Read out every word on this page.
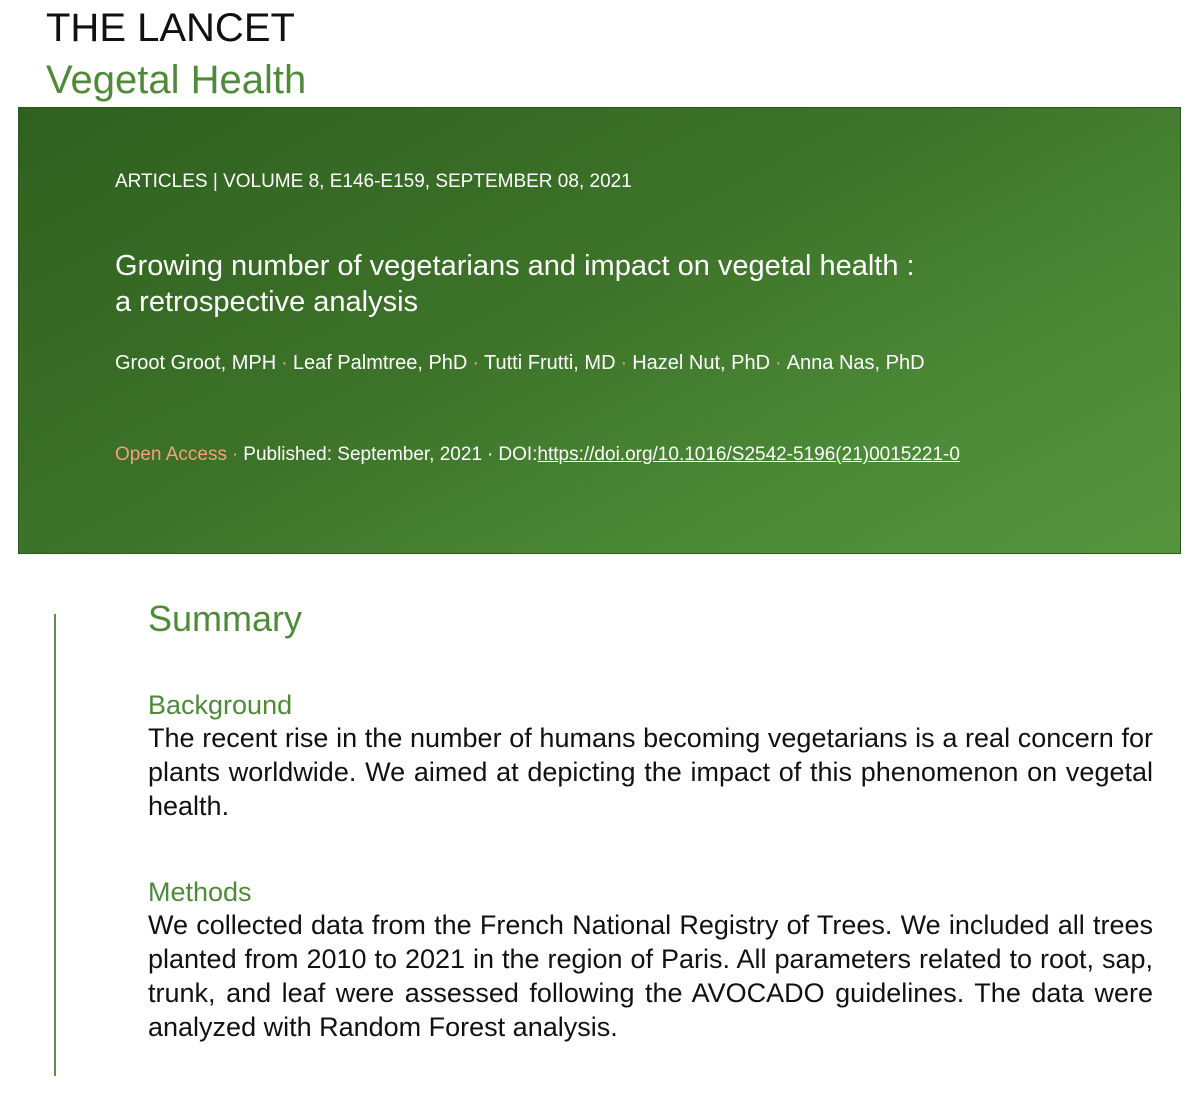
THE LANCET
Vegetal Health
ARTICLES | VOLUME 8, E146-E159, SEPTEMBER 08, 2021
Growing number of vegetarians and impact on vegetal health :
a retrospective analysis
Groot Groot, MPH · Leaf Palmtree, PhD · Tutti Frutti, MD · Hazel Nut, PhD · Anna Nas, PhD
Open Access · Published: September, 2021 · DOI:https://doi.org/10.1016/S2542-5196(21)0015221-0
Summary
Background
The recent rise in the number of humans becoming vegetarians is a real concern for plants worldwide. We aimed at depicting the impact of this phenomenon on vegetal health.
Methods
We collected data from the French National Registry of Trees. We included all trees planted from 2010 to 2021 in the region of Paris. All parameters related to root, sap, trunk, and leaf were assessed following the AVOCADO guidelines. The data were analyzed with Random Forest analysis.
